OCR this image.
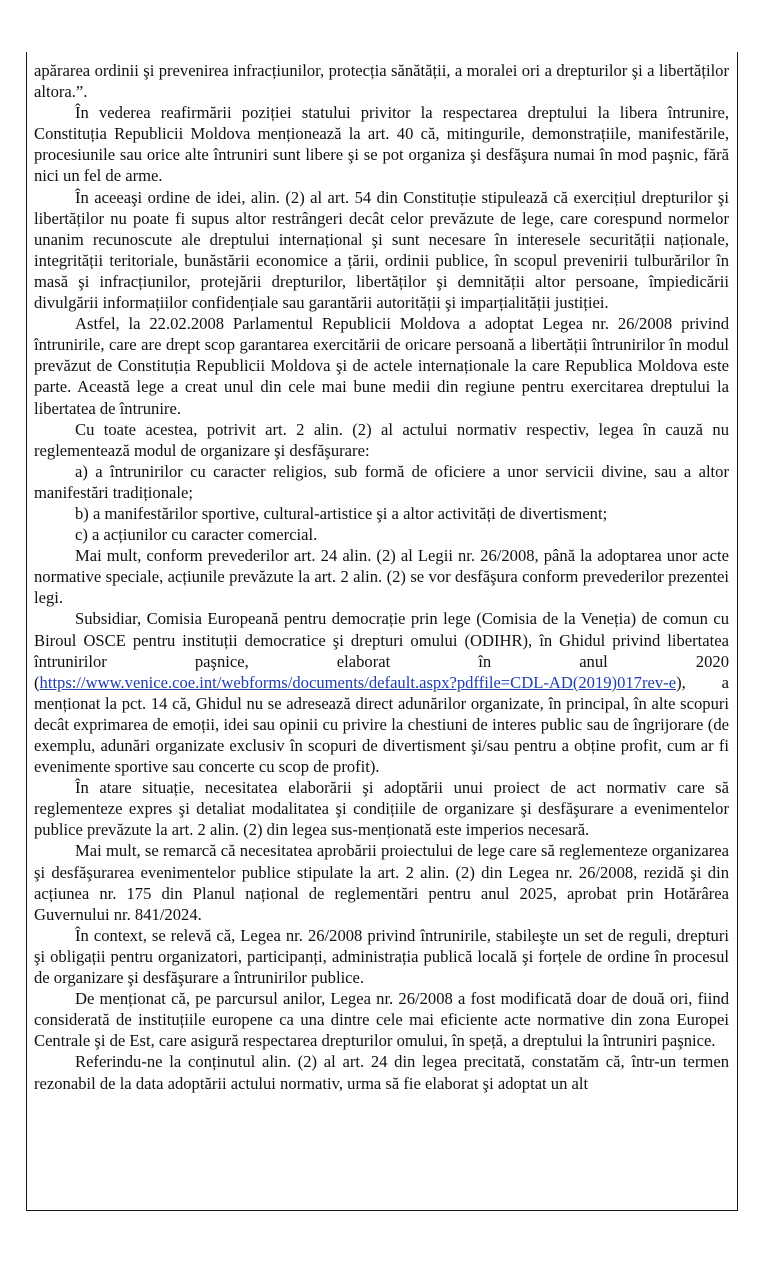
apărarea ordinii şi prevenirea infracțiunilor, protecția sănătății, a moralei ori a drepturilor şi a libertăților altora.”.

În vederea reafirmării poziției statului privitor la respectarea dreptului la libera întrunire, Constituția Republicii Moldova menționează la art. 40 că, mitingurile, demonstrațiile, manifestările, procesiunile sau orice alte întruniri sunt libere şi se pot organiza şi desfăşura numai în mod paşnic, fără nici un fel de arme.

În aceeaşi ordine de idei, alin. (2) al art. 54 din Constituție stipulează că exercițiul drepturilor şi libertăților nu poate fi supus altor restrângeri decât celor prevăzute de lege, care corespund normelor unanim recunoscute ale dreptului internațional şi sunt necesare în interesele securității naționale, integrității teritoriale, bunăstării economice a țării, ordinii publice, în scopul prevenirii tulburărilor în masă şi infracțiunilor, protejării drepturilor, libertăților şi demnității altor persoane, împiedicării divulgării informațiilor confidențiale sau garantării autorității şi imparțialității justiției.

Astfel, la 22.02.2008 Parlamentul Republicii Moldova a adoptat Legea nr. 26/2008 privind întrunirile, care are drept scop garantarea exercitării de oricare persoană a libertății întrunirilor în modul prevăzut de Constituția Republicii Moldova şi de actele internaționale la care Republica Moldova este parte. Această lege a creat unul din cele mai bune medii din regiune pentru exercitarea dreptului la libertatea de întrunire.

Cu toate acestea, potrivit art. 2 alin. (2) al actului normativ respectiv, legea în cauză nu reglementează modul de organizare şi desfăşurare:

a) a întrunirilor cu caracter religios, sub formă de oficiere a unor servicii divine, sau a altor manifestări tradiționale;

b) a manifestărilor sportive, cultural-artistice şi a altor activități de divertisment;

c) a acțiunilor cu caracter comercial.

Mai mult, conform prevederilor art. 24 alin. (2) al Legii nr. 26/2008, până la adoptarea unor acte normative speciale, acțiunile prevăzute la art. 2 alin. (2) se vor desfăşura conform prevederilor prezentei legi.

Subsidiar, Comisia Europeană pentru democrație prin lege (Comisia de la Veneția) de comun cu Biroul OSCE pentru instituții democratice şi drepturi omului (ODIHR), în Ghidul privind libertatea întrunirilor paşnice, elaborat în anul 2020 (https://www.venice.coe.int/webforms/documents/default.aspx?pdffile=CDL-AD(2019)017rev-e), a menționat la pct. 14 că, Ghidul nu se adresează direct adunărilor organizate, în principal, în alte scopuri decât exprimarea de emoții, idei sau opinii cu privire la chestiuni de interes public sau de îngrijorare (de exemplu, adunări organizate exclusiv în scopuri de divertisment şi/sau pentru a obține profit, cum ar fi evenimente sportive sau concerte cu scop de profit).

În atare situație, necesitatea elaborării şi adoptării unui proiect de act normativ care să reglementeze expres şi detaliat modalitatea şi condițiile de organizare şi desfăşurare a evenimentelor publice prevăzute la art. 2 alin. (2) din legea sus-menționată este imperios necesară.

Mai mult, se remarcă că necesitatea aprobării proiectului de lege care să reglementeze organizarea şi desfăşurarea evenimentelor publice stipulate la art. 2 alin. (2) din Legea nr. 26/2008, rezidă şi din acțiunea nr. 175 din Planul național de reglementări pentru anul 2025, aprobat prin Hotărârea Guvernului nr. 841/2024.

În context, se relevă că, Legea nr. 26/2008 privind întrunirile, stabileşte un set de reguli, drepturi şi obligații pentru organizatori, participanți, administrația publică locală şi forțele de ordine în procesul de organizare şi desfăşurare a întrunirilor publice.

De menționat că, pe parcursul anilor, Legea nr. 26/2008 a fost modificată doar de două ori, fiind considerată de instituțiile europene ca una dintre cele mai eficiente acte normative din zona Europei Centrale şi de Est, care asigură respectarea drepturilor omului, în speță, a dreptului la întruniri paşnice.

Referindu-ne la conținutul alin. (2) al art. 24 din legea precitată, constatăm că, într-un termen rezonabil de la data adoptării actului normativ, urma să fie elaborat şi adoptat un alt
